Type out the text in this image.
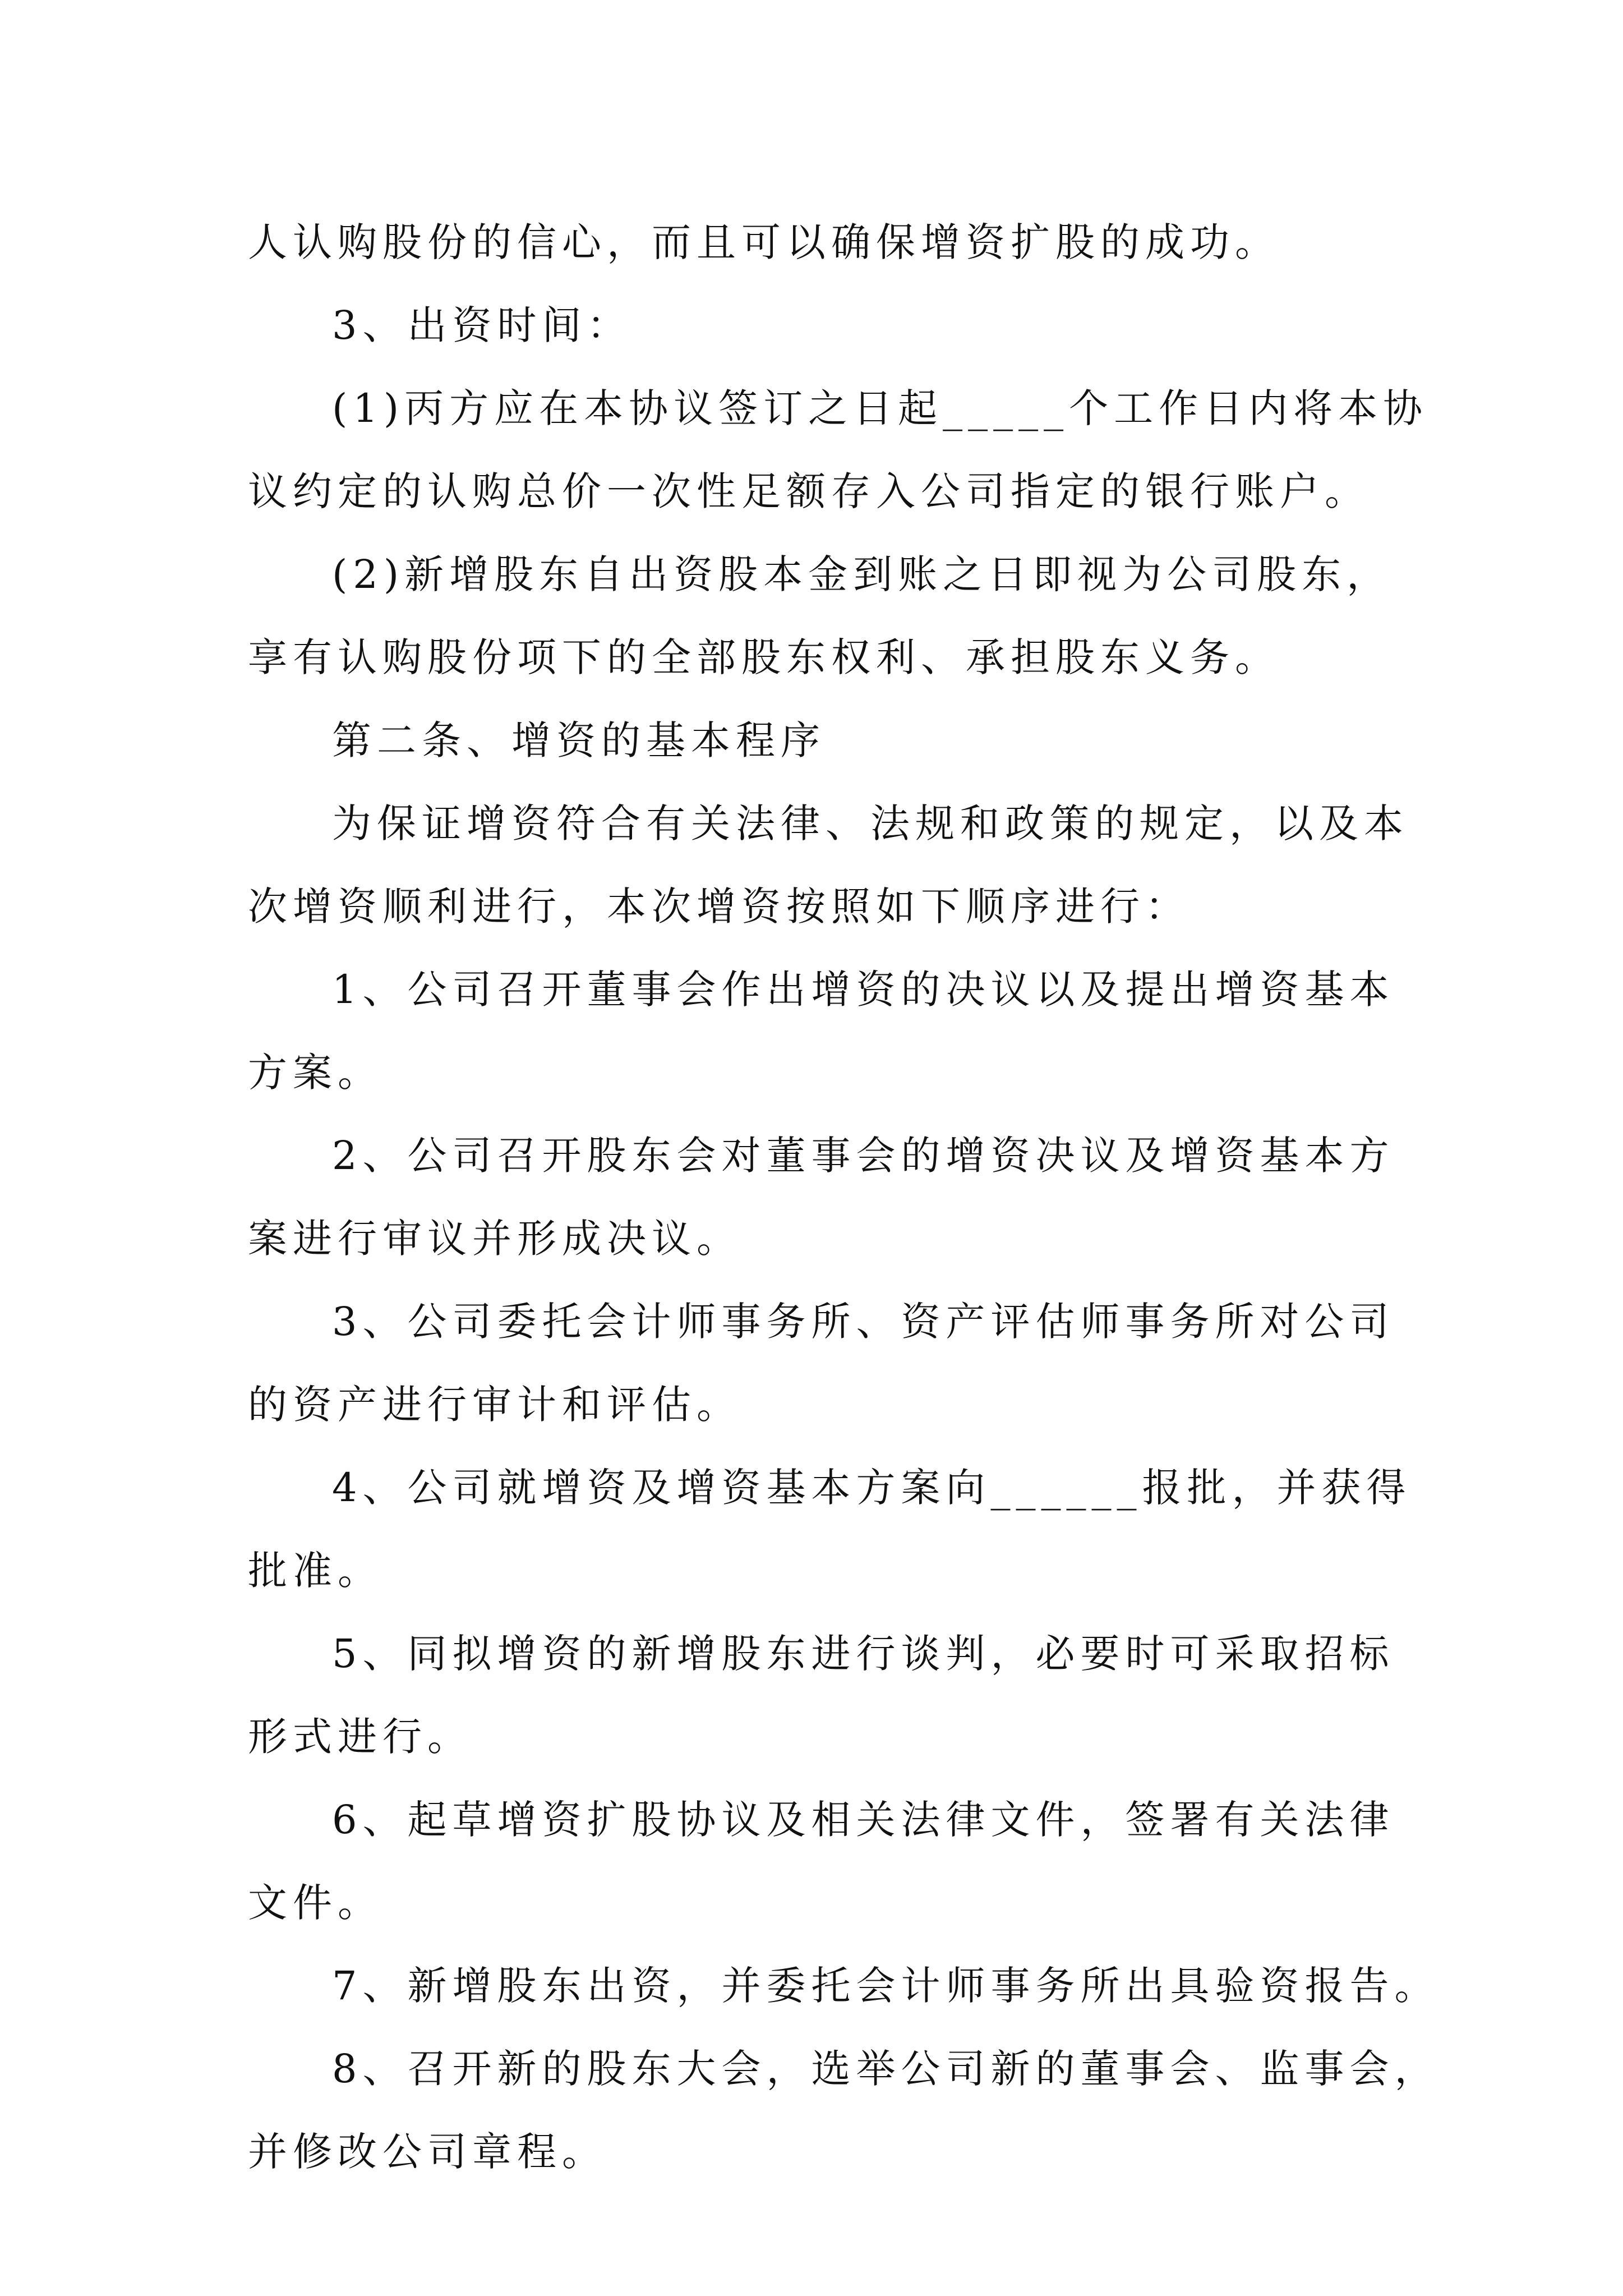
人认购股份的信心，而且可以确保增资扩股的成功。
3、出资时间：
(1)丙方应在本协议签订之日起_____个工作日内将本协
议约定的认购总价一次性足额存入公司指定的银行账户。
(2)新增股东自出资股本金到账之日即视为公司股东，
享有认购股份项下的全部股东权利、承担股东义务。
第二条、增资的基本程序
为保证增资符合有关法律、法规和政策的规定，以及本
次增资顺利进行，本次增资按照如下顺序进行：
1、公司召开董事会作出增资的决议以及提出增资基本
方案。
2、公司召开股东会对董事会的增资决议及增资基本方
案进行审议并形成决议。
3、公司委托会计师事务所、资产评估师事务所对公司
的资产进行审计和评估。
4、公司就增资及增资基本方案向______报批，并获得
批准。
5、同拟增资的新增股东进行谈判，必要时可采取招标
形式进行。
6、起草增资扩股协议及相关法律文件，签署有关法律
文件。
7、新增股东出资，并委托会计师事务所出具验资报告。
8、召开新的股东大会，选举公司新的董事会、监事会，
并修改公司章程。
